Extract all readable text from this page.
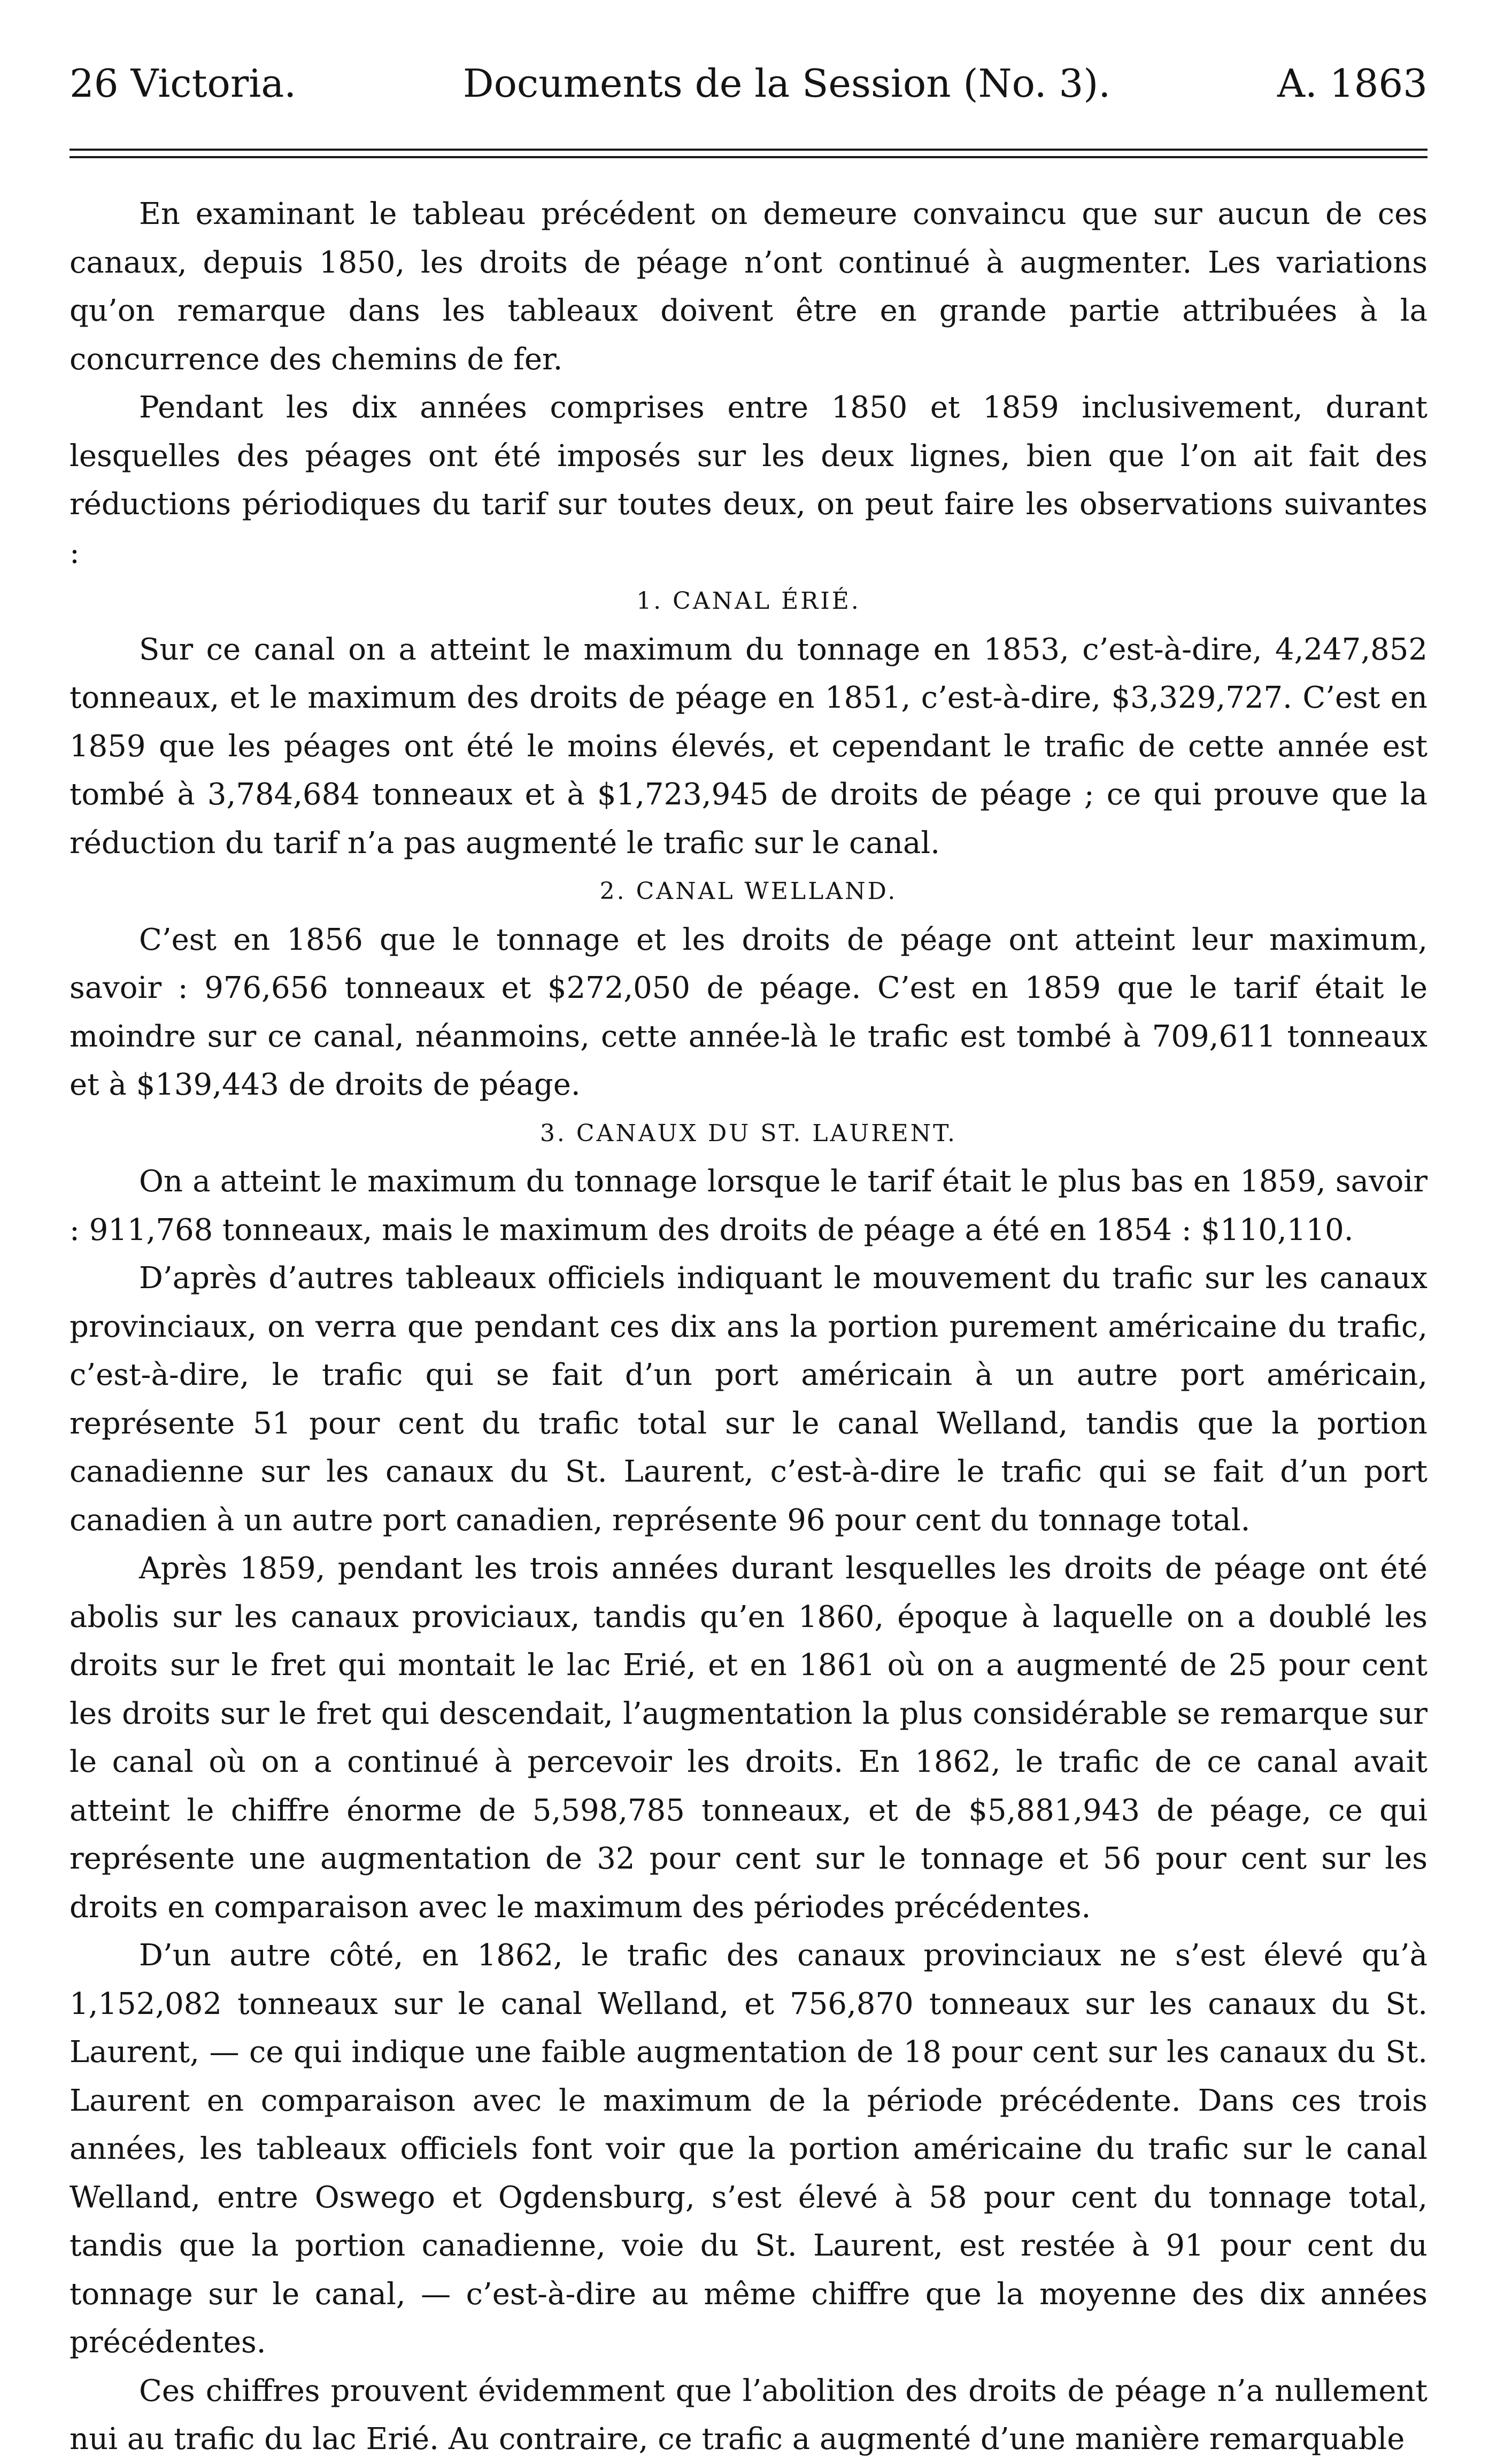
26 Victoria.	Documents de la Session (No. 3).	A. 1863

En examinant le tableau précédent on demeure convaincu que sur aucun de ces canaux, depuis 1850, les droits de péage n’ont continué à augmenter. Les variations qu’on remarque dans les tableaux doivent être en grande partie attribuées à la concurrence des chemins de fer.

Pendant les dix années comprises entre 1850 et 1859 inclusivement, durant lesquelles des péages ont été imposés sur les deux lignes, bien que l’on ait fait des réductions périodiques du tarif sur toutes deux, on peut faire les observations suivantes :

1. CANAL ÉRIÉ.

Sur ce canal on a atteint le maximum du tonnage en 1853, c’est-à-dire, 4,247,852 tonneaux, et le maximum des droits de péage en 1851, c’est-à-dire, $3,329,727. C’est en 1859 que les péages ont été le moins élevés, et cependant le trafic de cette année est tombé à 3,784,684 tonneaux et à $1,723,945 de droits de péage ; ce qui prouve que la réduction du tarif n’a pas augmenté le trafic sur le canal.

2. CANAL WELLAND.

C’est en 1856 que le tonnage et les droits de péage ont atteint leur maximum, savoir : 976,656 tonneaux et $272,050 de péage. C’est en 1859 que le tarif était le moindre sur ce canal, néanmoins, cette année-là le trafic est tombé à 709,611 tonneaux et à $139,443 de droits de péage.

3. CANAUX DU ST. LAURENT.

On a atteint le maximum du tonnage lorsque le tarif était le plus bas en 1859, savoir : 911,768 tonneaux, mais le maximum des droits de péage a été en 1854 : $110,110.

D’après d’autres tableaux officiels indiquant le mouvement du trafic sur les canaux provinciaux, on verra que pendant ces dix ans la portion purement américaine du trafic, c’est-à-dire, le trafic qui se fait d’un port américain à un autre port américain, représente 51 pour cent du trafic total sur le canal Welland, tandis que la portion canadienne sur les canaux du St. Laurent, c’est-à-dire le trafic qui se fait d’un port canadien à un autre port canadien, représente 96 pour cent du tonnage total.

Après 1859, pendant les trois années durant lesquelles les droits de péage ont été abolis sur les canaux proviciaux, tandis qu’en 1860, époque à laquelle on a doublé les droits sur le fret qui montait le lac Erié, et en 1861 où on a augmenté de 25 pour cent les droits sur le fret qui descendait, l’augmentation la plus considérable se remarque sur le canal où on a continué à percevoir les droits. En 1862, le trafic de ce canal avait atteint le chiffre énorme de 5,598,785 tonneaux, et de $5,881,943 de péage, ce qui représente une augmentation de 32 pour cent sur le tonnage et 56 pour cent sur les droits en comparaison avec le maximum des périodes précédentes.

D’un autre côté, en 1862, le trafic des canaux provinciaux ne s’est élevé qu’à 1,152,082 tonneaux sur le canal Welland, et 756,870 tonneaux sur les canaux du St. Laurent, — ce qui indique une faible augmentation de 18 pour cent sur les canaux du St. Laurent en comparaison avec le maximum de la période précédente. Dans ces trois années, les tableaux officiels font voir que la portion américaine du trafic sur le canal Welland, entre Oswego et Ogdensburg, s’est élevé à 58 pour cent du tonnage total, tandis que la portion canadienne, voie du St. Laurent, est restée à 91 pour cent du tonnage sur le canal, — c’est-à-dire au même chiffre que la moyenne des dix années précédentes.

Ces chiffres prouvent évidemment que l’abolition des droits de péage n’a nullement nui au trafic du lac Erié. Au contraire, ce trafic a augmenté d’une manière remarquable
